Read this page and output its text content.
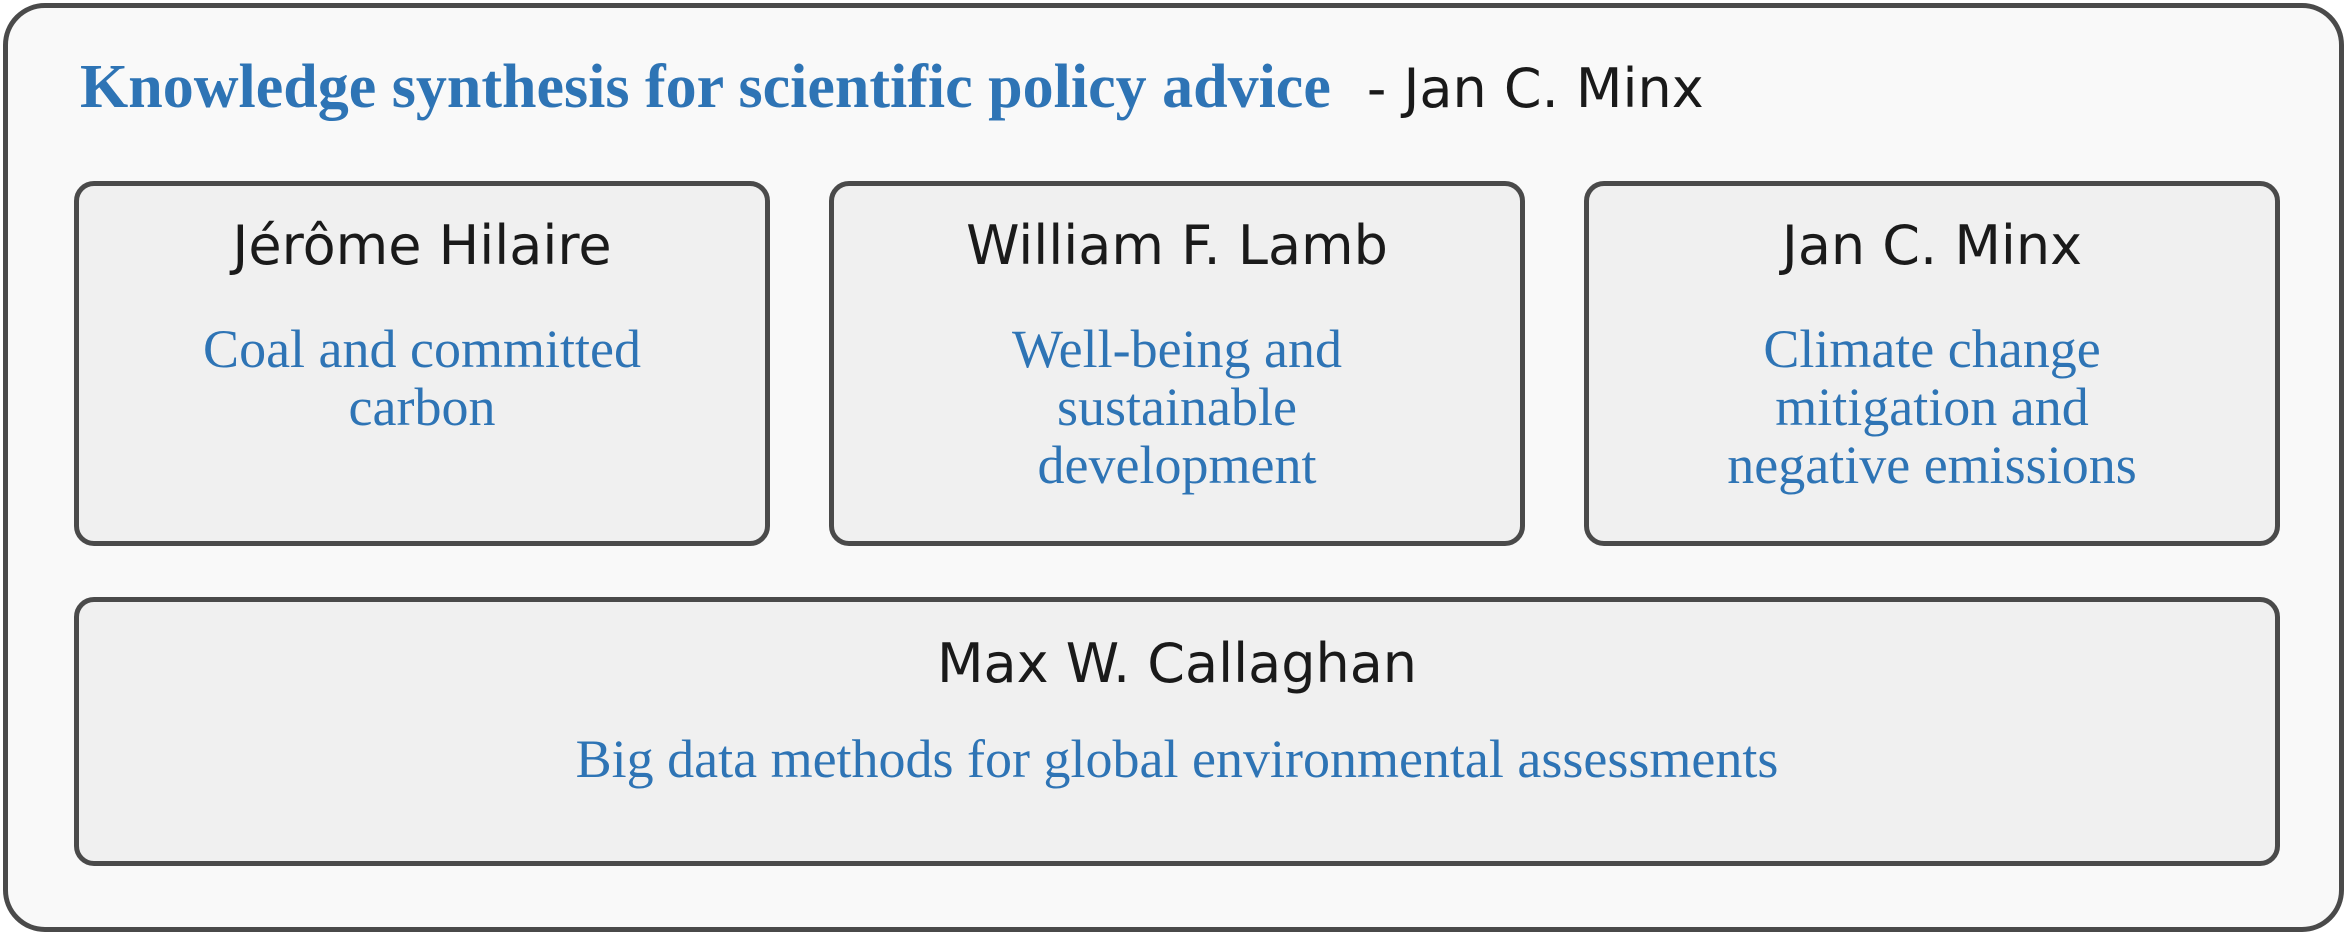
Knowledge synthesis for scientific policy advice - Jan C. Minx
Jérôme Hilaire
Coal and committed carbon
William F. Lamb
Well-being and sustainable development
Jan C. Minx
Climate change mitigation and negative emissions
Max W. Callaghan
Big data methods for global environmental assessments
